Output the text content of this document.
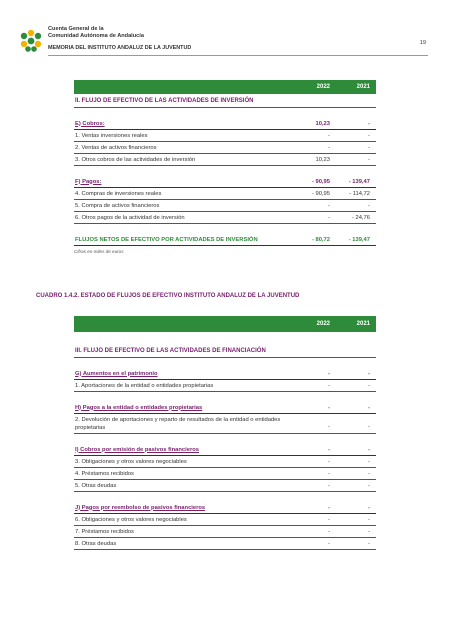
Cuenta General de la
Comunidad Autónoma de Andalucía
MEMORIA DEL INSTITUTO ANDALUZ DE LA JUVENTUD
19
2022	2021
II. FLUJO DE EFECTIVO DE LAS ACTIVIDADES DE INVERSIÓN
E) Cobros:	10,23	-
1. Ventas inversiones reales	-	-
2. Ventas de activos financieros	-	-
3. Otros cobros de las actividades de inversión	10,23	-
F) Pagos:	- 90,95	- 139,47
4. Compras de inversiones reales	- 90,95	- 114,72
5. Compra de activos financieros	-	-
6. Otros pagos de la actividad de inversión	-	- 24,76
FLUJOS NETOS DE EFECTIVO POR ACTIVIDADES DE INVERSIÓN	- 80,72	- 139,47
Cifras en miles de euros
CUADRO 1.4.2. ESTADO DE FLUJOS DE EFECTIVO INSTITUTO ANDALUZ DE LA JUVENTUD
2022	2021
III. FLUJO DE EFECTIVO DE LAS ACTIVIDADES DE FINANCIACIÓN
G) Aumentos en el patrimonio	-	-
1. Aportaciones de la entidad o entidades propietarias	-	-
H) Pagos a la entidad o entidades propietarias	-	-
2. Devolución de aportaciones y reparto de resultados de la entidad o entidades propietarias	-	-
I) Cobros por emisión de pasivos financieros	-	-
3. Obligaciones y otros valores negociables	-	-
4. Préstamos recibidos	-	-
5. Otras deudas	-	-
J) Pagos por reembolso de pasivos financieros	-	-
6. Obligaciones y otros valores negociables	-	-
7. Préstamos recibidos	-	-
8. Otras deudas	-	-
